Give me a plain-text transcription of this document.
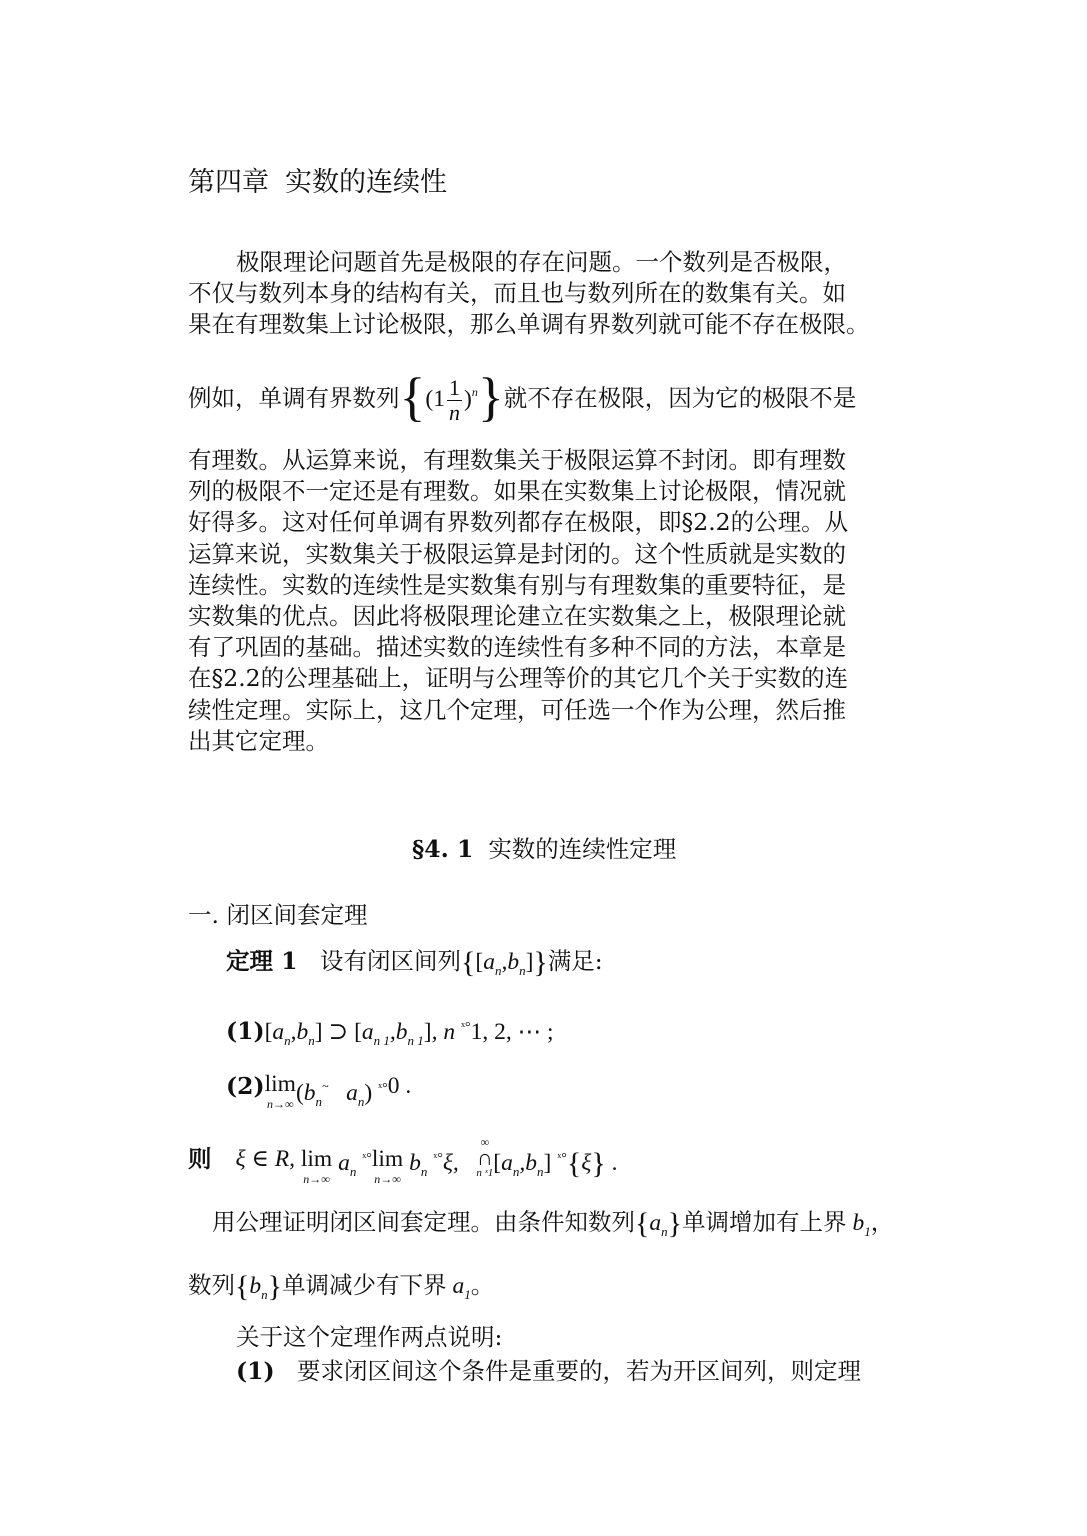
第四章 实数的连续性
极限理论问题首先是极限的存在问题。一个数列是否极限，
不仅与数列本身的结构有关，而且也与数列所在的数集有关。如
果在有理数集上讨论极限，那么单调有界数列就可能不存在极限。
例如，单调有界数列$\{(1 \frac{1}{n} )^n\}$就不存在极限，因为它的极限不是
有理数。从运算来说，有理数集关于极限运算不封闭。即有理数
列的极限不一定还是有理数。如果在实数集上讨论极限，情况就
好得多。这对任何单调有界数列都存在极限，即§2.2的公理。从
运算来说，实数集关于极限运算是封闭的。这个性质就是实数的
连续性。实数的连续性是实数集有别与有理数集的重要特征，是
实数集的优点。因此将极限理论建立在实数集之上，极限理论就
有了巩固的基础。描述实数的连续性有多种不同的方法，本章是
在§2.2的公理基础上，证明与公理等价的其它几个关于实数的连
续性定理。实际上，这几个定理，可任选一个作为公理，然后推
出其它定理。
§4. 1 实数的连续性定理
一. 闭区间套定理
定理 1 设有闭区间列$\{[a_n,b_n]\}$满足:
$(1)[a_n,b_n]$ ⊃ [$a_n$ $_1,b_n$ $_1$], n $^{ˣ^\circ}$1, 2, ⋯ ;
(2) lim
n→∞ ($b_n^\sim$   $a_n$) $^{ˣ^\circ}$0 .
则 ξ ∈ R, lim
n→∞
$a_n$ $^{ˣ^\circ}$ lim
n→∞
$b_n$ $^{ˣ^\circ}$ξ,
∞
∩
n ˣ1 $[a_n,b_n]$ $^{ˣ^\circ}${ξ} .
用公理证明闭区间套定理。由条件知数列$\{a_n\}$单调增加有上界 $b_1$，
数列$\{b_n\}$单调减少有下界 $a_1$。
关于这个定理作两点说明:
(1) 要求闭区间这个条件是重要的，若为开区间列，则定理
